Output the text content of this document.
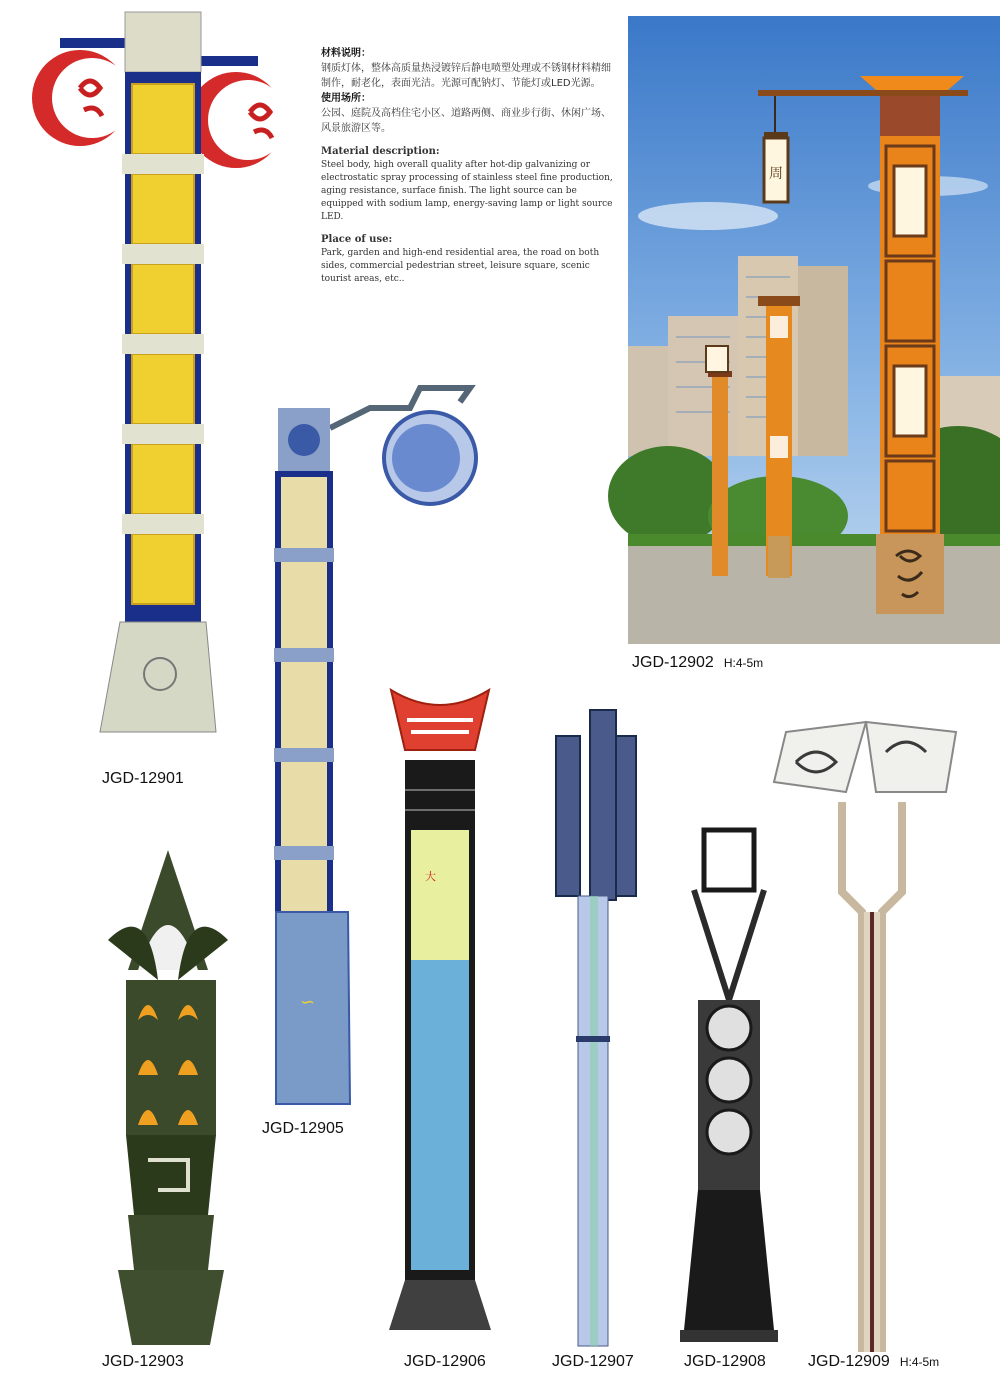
材料说明：
钢质灯体，整体高质量热浸镀锌后静电喷塑处理或不锈钢材料精细制作，耐老化，表面光洁。光源可配钠灯、节能灯或LED光源。
使用场所：
公园、庭院及高档住宅小区、道路两侧、商业步行街、休闲广场、风景旅游区等。
Material description:
Steel body, high overall quality after hot-dip galvanizing or electrostatic spray processing of stainless steel fine production, aging resistance, surface finish. The light source can be equipped with sodium lamp, energy-saving lamp or light source LED.
Place of use:
Park, garden and high-end residential area, the road on both sides, commercial pedestrian street, leisure square, scenic tourist areas, etc..
周
JGD-12901
∽
JGD-12905
JGD-12903
大
JGD-12906	JGD-12907	JGD-12908	JGD-12909 H:4-5m
JGD-12902 H:4-5m
